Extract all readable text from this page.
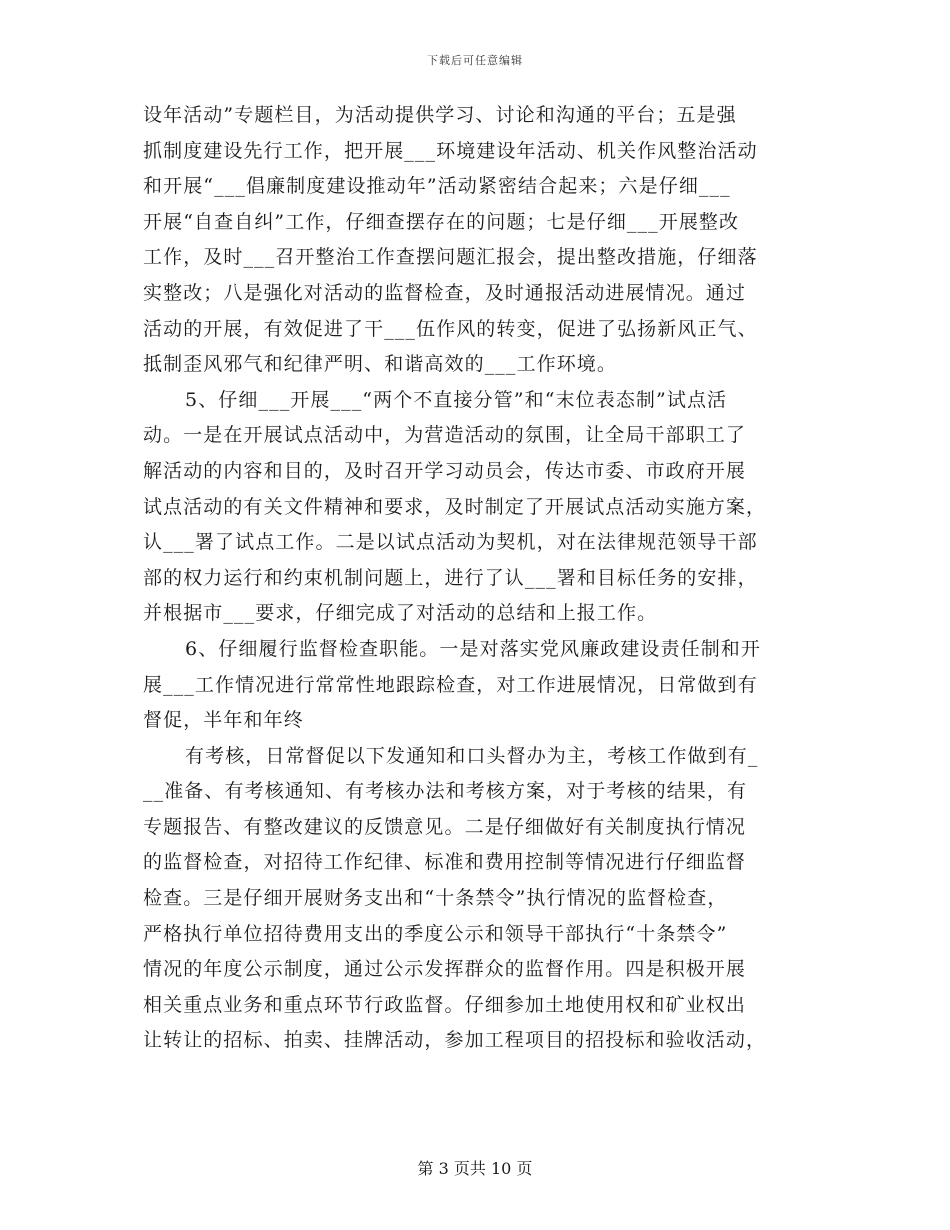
下载后可任意编辑
设年活动”专题栏目，为活动提供学习、讨论和沟通的平台；五是强
抓制度建设先行工作，把开展___环境建设年活动、机关作风整治活动
和开展“___倡廉制度建设推动年”活动紧密结合起来；六是仔细___
开展“自查自纠”工作，仔细查摆存在的问题；七是仔细___开展整改
工作，及时___召开整治工作查摆问题汇报会，提出整改措施，仔细落
实整改；八是强化对活动的监督检查，及时通报活动进展情况。通过
活动的开展，有效促进了干___伍作风的转变，促进了弘扬新风正气、
抵制歪风邪气和纪律严明、和谐高效的___工作环境。
5、仔细___开展___“两个不直接分管”和“末位表态制”试点活
动。一是在开展试点活动中，为营造活动的氛围，让全局干部职工了
解活动的内容和目的，及时召开学习动员会，传达市委、市政府开展
试点活动的有关文件精神和要求，及时制定了开展试点活动实施方案，
认___署了试点工作。二是以试点活动为契机，对在法律规范领导干部
部的权力运行和约束机制问题上，进行了认___署和目标任务的安排，
并根据市___要求，仔细完成了对活动的总结和上报工作。
6、仔细履行监督检查职能。一是对落实党风廉政建设责任制和开
展___工作情况进行常常性地跟踪检查，对工作进展情况，日常做到有
督促，半年和年终
有考核，日常督促以下发通知和口头督办为主，考核工作做到有_
__准备、有考核通知、有考核办法和考核方案，对于考核的结果，有
专题报告、有整改建议的反馈意见。二是仔细做好有关制度执行情况
的监督检查，对招待工作纪律、标准和费用控制等情况进行仔细监督
检查。三是仔细开展财务支出和“十条禁令”执行情况的监督检查，
严格执行单位招待费用支出的季度公示和领导干部执行“十条禁令”
情况的年度公示制度，通过公示发挥群众的监督作用。四是积极开展
相关重点业务和重点环节行政监督。仔细参加土地使用权和矿业权出
让转让的招标、拍卖、挂牌活动，参加工程项目的招投标和验收活动，
第 3 页共 10 页
